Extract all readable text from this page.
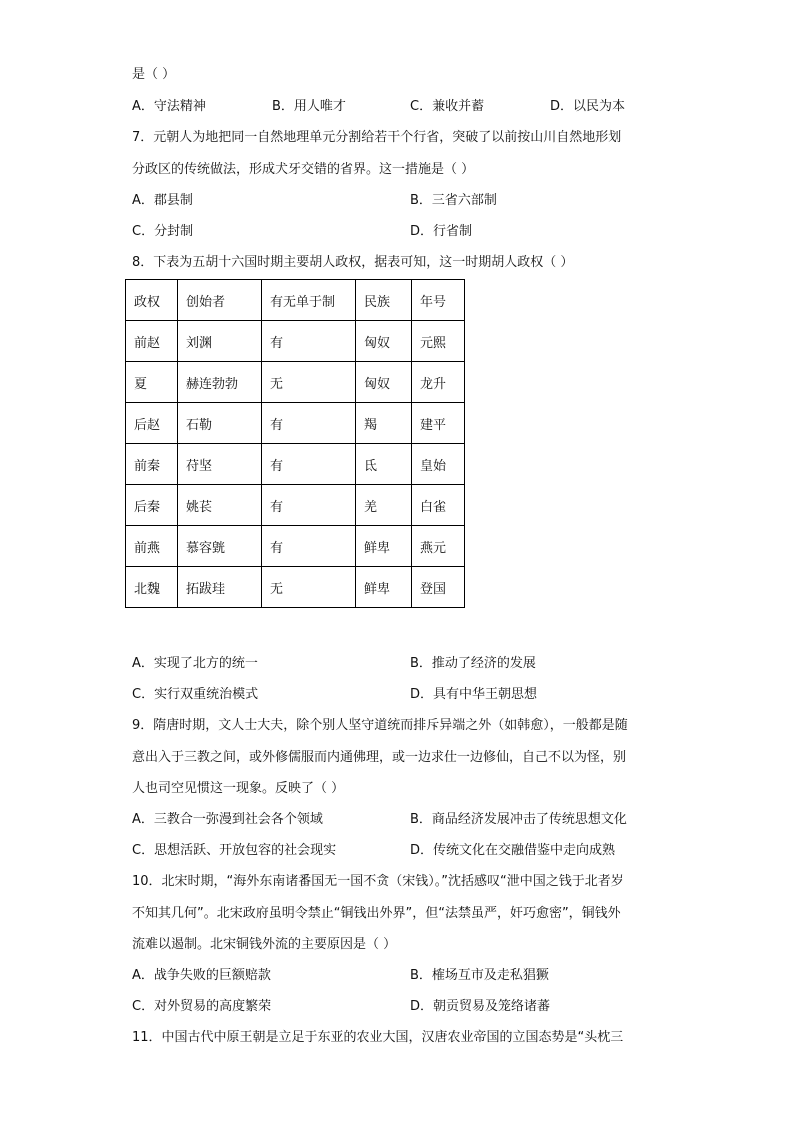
是（ ）
A．守法精神	B．用人唯才	C．兼收并蓄	D．以民为本
7．元朝人为地把同一自然地理单元分割给若干个行省，突破了以前按山川自然地形划
分政区的传统做法，形成犬牙交错的省界。这一措施是（ ）
A．郡县制	B．三省六部制
C．分封制	D．行省制
8．下表为五胡十六国时期主要胡人政权，据表可知，这一时期胡人政权（ ）
政权	创始者	有无单于制	民族	年号
前赵	刘渊	有	匈奴	元熙
夏	赫连勃勃	无	匈奴	龙升
后赵	石勒	有	羯	建平
前秦	苻坚	有	氐	皇始
后秦	姚苌	有	羌	白雀
前燕	慕容皝	有	鲜卑	燕元
北魏	拓跋珪	无	鲜卑	登国
A．实现了北方的统一	B．推动了经济的发展
C．实行双重统治模式	D．具有中华王朝思想
9．隋唐时期，文人士大夫，除个别人坚守道统而排斥异端之外（如韩愈），一般都是随
意出入于三教之间，或外修儒服而内通佛理，或一边求仕一边修仙，自己不以为怪，别
人也司空见惯这一现象。反映了（ ）
A．三教合一弥漫到社会各个领域	B．商品经济发展冲击了传统思想文化
C．思想活跃、开放包容的社会现实	D．传统文化在交融借鉴中走向成熟
10．北宋时期，“海外东南诸番国无一国不贪（宋钱）。”沈括感叹“泄中国之钱于北者岁
不知其几何”。北宋政府虽明令禁止“铜钱出外界”，但“法禁虽严，奸巧愈密”，铜钱外
流难以遏制。北宋铜钱外流的主要原因是（ ）
A．战争失败的巨额赔款	B．榷场互市及走私猖獗
C．对外贸易的高度繁荣	D．朝贡贸易及笼络诸蕃
11．中国古代中原王朝是立足于东亚的农业大国，汉唐农业帝国的立国态势是“头枕三
